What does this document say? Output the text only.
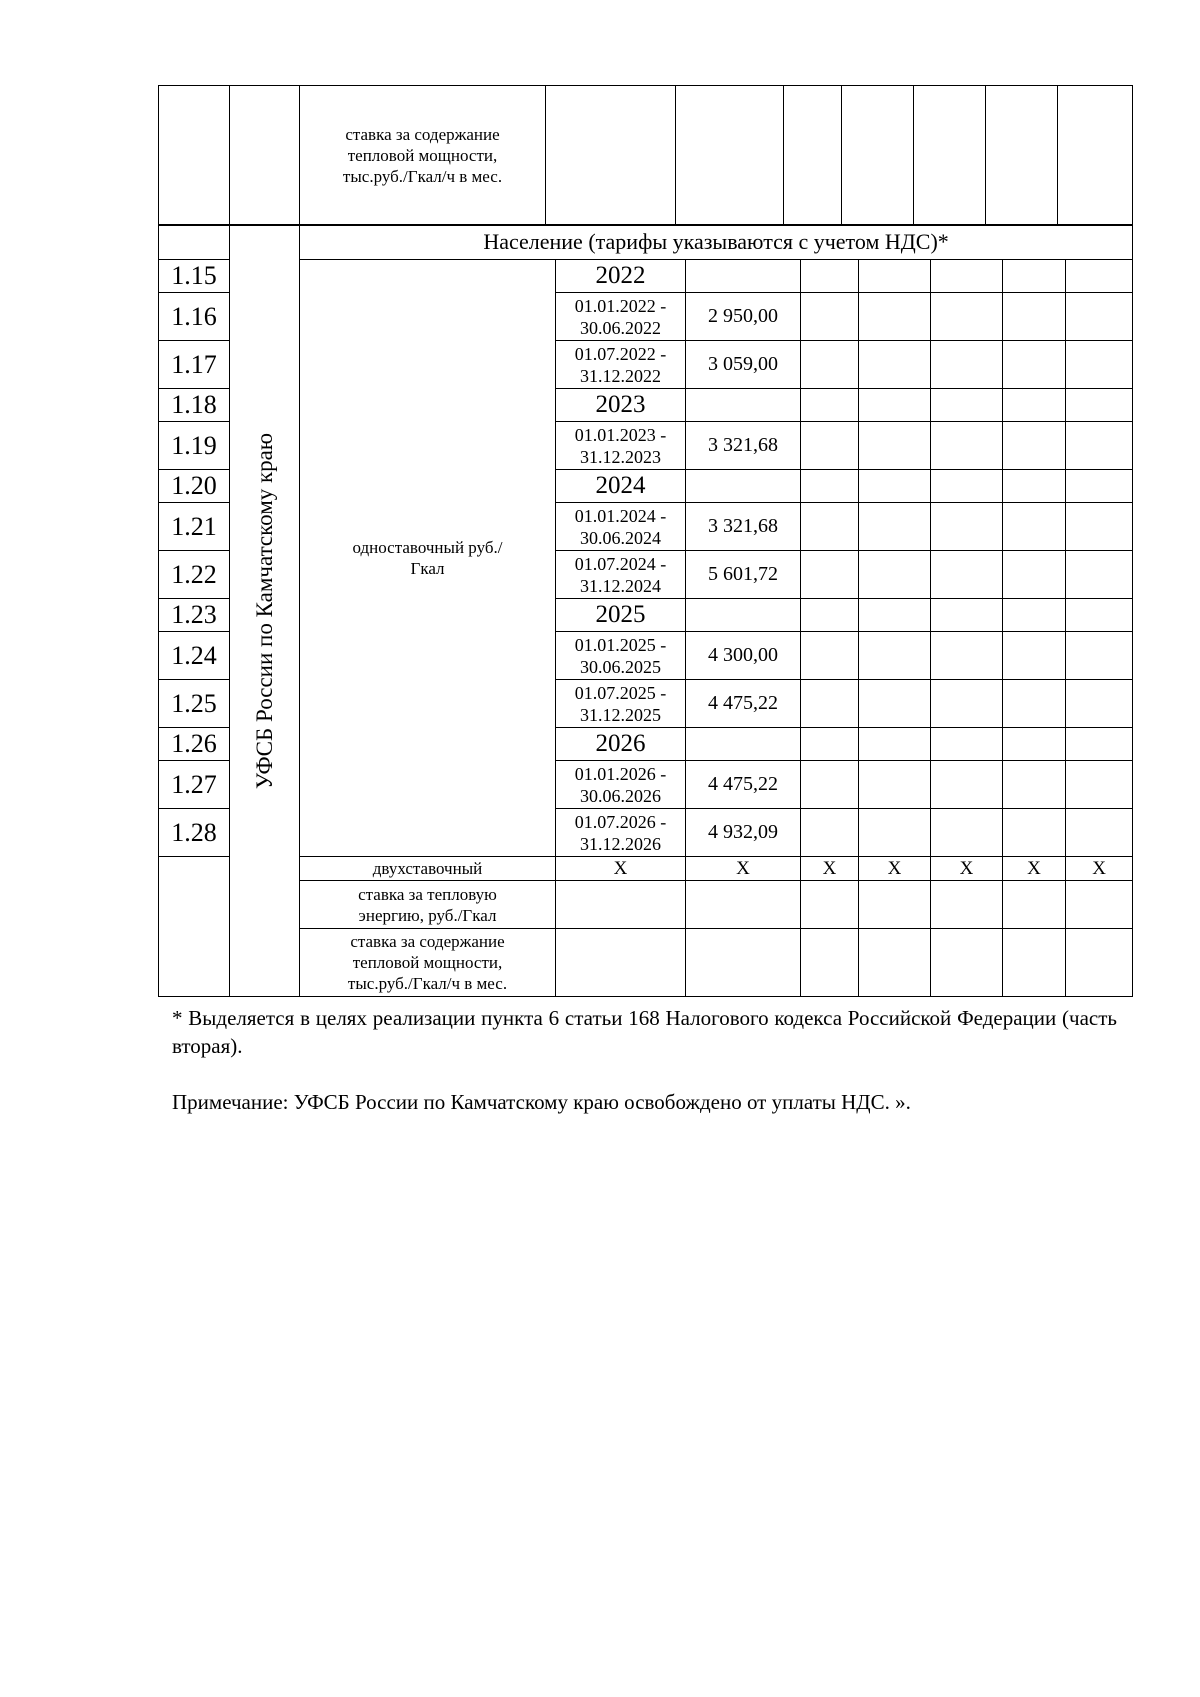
		ставка за содержание тепловой мощности, тыс.руб./Гкал/ч в мес.							

	УФСБ России по Камчатскому краю	Население (тарифы указываются с учетом НДС)*								
1.15		одноставочный руб./Гкал	2022							
1.16			01.01.2022 - 30.06.2022	2 950,00						
1.17			01.07.2022 - 31.12.2022	3 059,00						
1.18			2023							
1.19			01.01.2023 - 31.12.2023	3 321,68						
1.20			2024							
1.21			01.01.2024 - 30.06.2024	3 321,68						
1.22			01.07.2024 - 31.12.2024	5 601,72						
1.23			2025							
1.24			01.01.2025 - 30.06.2025	4 300,00						
1.25			01.07.2025 - 31.12.2025	4 475,22						
1.26			2026							
1.27			01.01.2026 - 30.06.2026	4 475,22						
1.28			01.07.2026 - 31.12.2026	4 932,09						
		двухставочный	X	X	X	X	X	X	X	
		ставка за тепловую энергию, руб./Гкал								
		ставка за содержание тепловой мощности, тыс.руб./Гкал/ч в мес.								
* Выделяется в целях реализации пункта 6 статьи 168 Налогового кодекса Российской Федерации (часть вторая).
Примечание: УФСБ России по Камчатскому краю освобождено от уплаты НДС. ».
